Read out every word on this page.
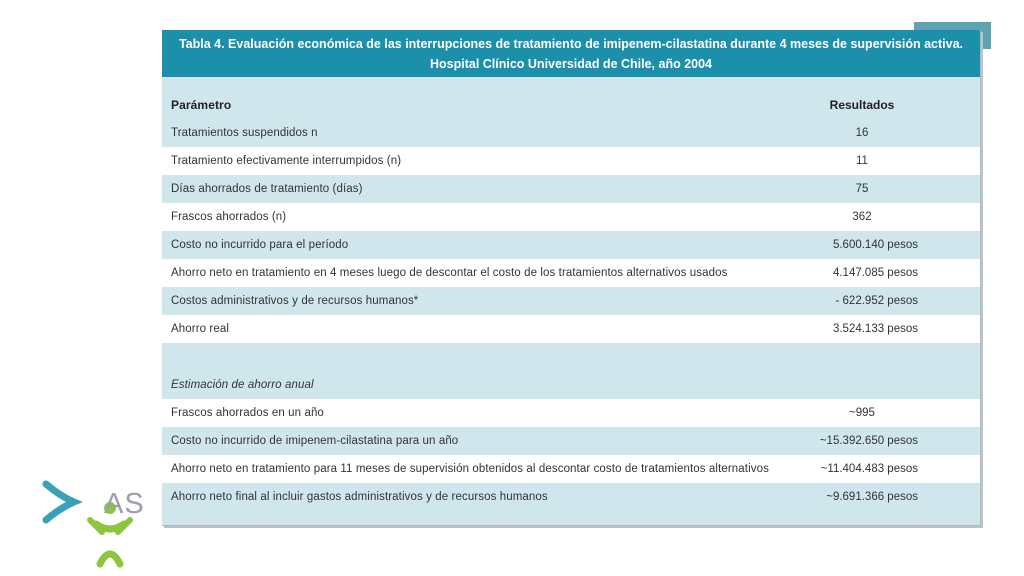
Tabla 4. Evaluación económica de las interrupciones de tratamiento de imipenem-cilastatina durante 4 meses de supervisión activa.
Hospital Clínico Universidad de Chile, año 2004
Parámetro	Resultados
Tratamientos suspendidos n	16
Tratamiento efectivamente interrumpidos (n)	11
Días ahorrados de tratamiento (días)	75
Frascos ahorrados (n)	362
Costo no incurrido para el período	5.600.140 pesos
Ahorro neto en tratamiento en 4 meses luego de descontar el costo de los tratamientos alternativos usados	4.147.085 pesos
Costos administrativos y de recursos humanos*	- 622.952 pesos
Ahorro real	3.524.133 pesos
Estimación de ahorro anual
Frascos ahorrados en un año	~995
Costo no incurrido de imipenem-cilastatina para un año	~15.392.650 pesos
Ahorro neto en tratamiento para 11 meses de supervisión obtenidos al descontar costo de tratamientos alternativos	~11.404.483 pesos
Ahorro neto final al incluir gastos administrativos y de recursos humanos	~9.691.366 pesos
AS
